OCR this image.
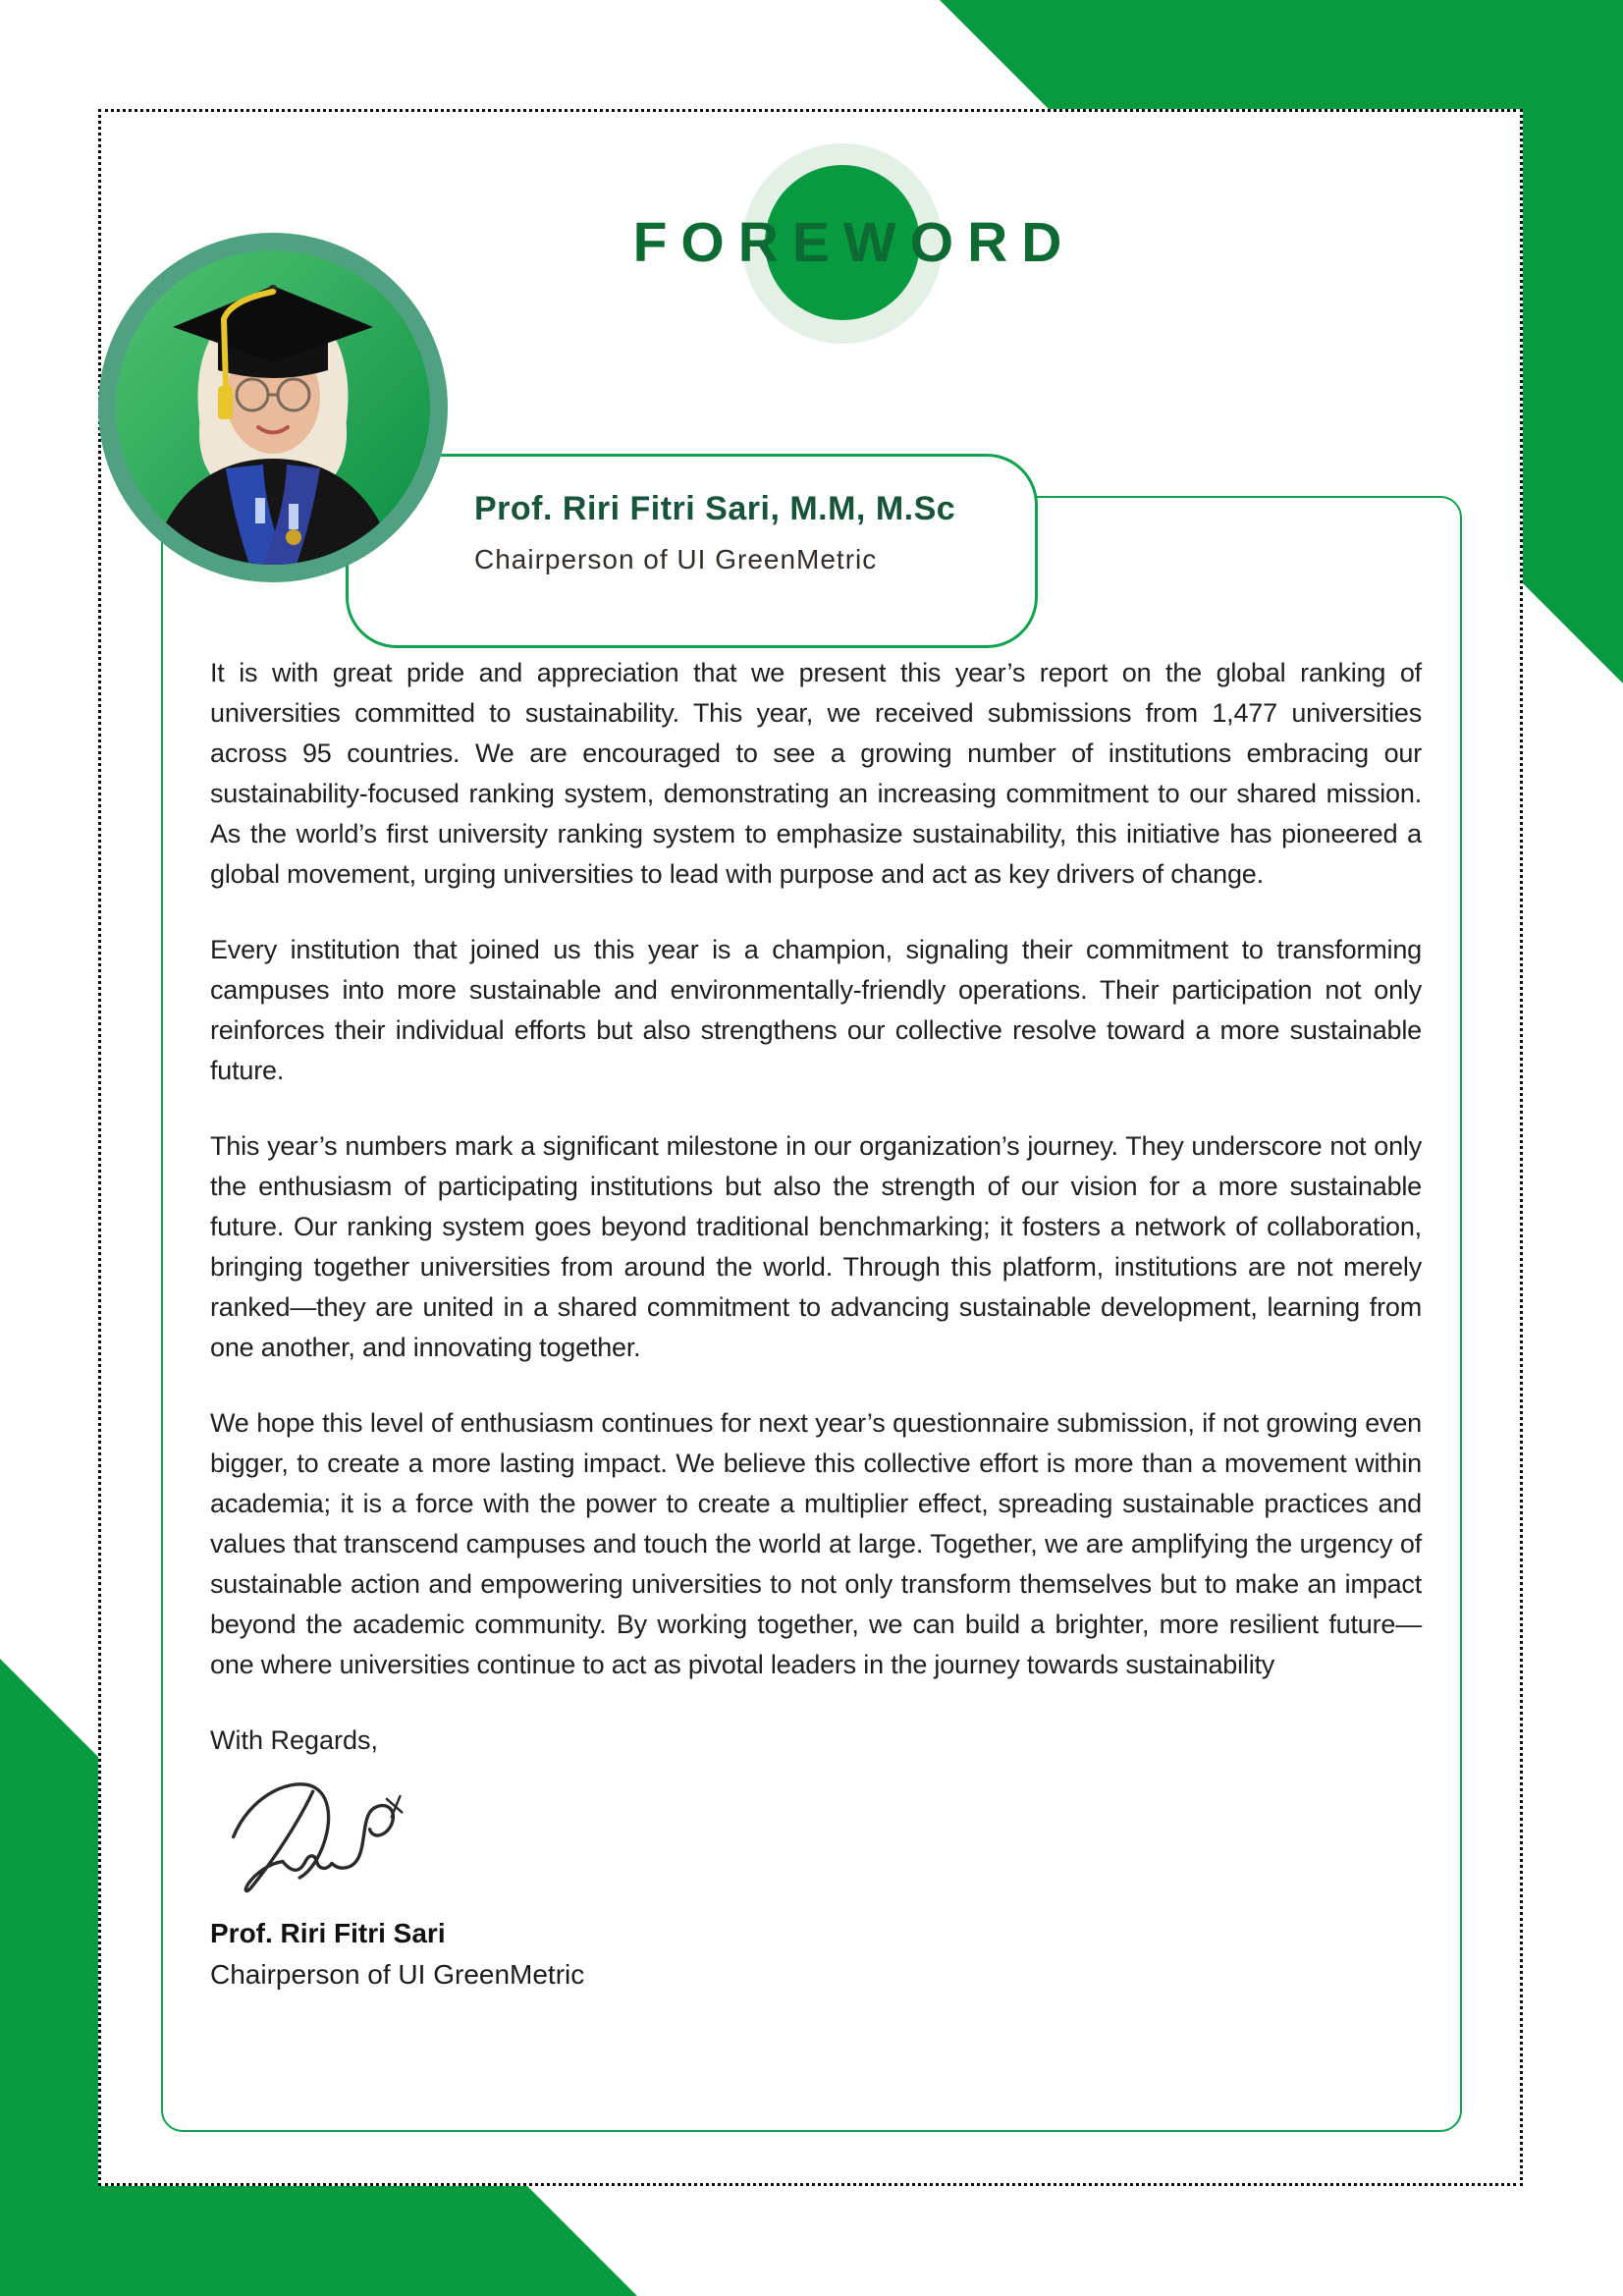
FOREWORD

It is with great pride and appreciation that we present this year’s report on the global ranking of universities committed to sustainability. This year, we received submissions from 1,477 universities across 95 countries. We are encouraged to see a growing number of institutions embracing our sustainability-focused ranking system, demonstrating an increasing commitment to our shared mission. As the world’s first university ranking system to emphasize sustainability, this initiative has pioneered a global movement, urging universities to lead with purpose and act as key drivers of change.

Every institution that joined us this year is a champion, signaling their commitment to transforming campuses into more sustainable and environmentally-friendly operations. Their participation not only reinforces their individual efforts but also strengthens our collective resolve toward a more sustainable future.

This year’s numbers mark a significant milestone in our organization’s journey. They underscore not only the enthusiasm of participating institutions but also the strength of our vision for a more sustainable future. Our ranking system goes beyond traditional benchmarking; it fosters a network of collaboration, bringing together universities from around the world. Through this platform, institutions are not merely ranked—they are united in a shared commitment to advancing sustainable development, learning from one another, and innovating together.

We hope this level of enthusiasm continues for next year’s questionnaire submission, if not growing even bigger, to create a more lasting impact. We believe this collective effort is more than a movement within academia; it is a force with the power to create a multiplier effect, spreading sustainable practices and values that transcend campuses and touch the world at large. Together, we are amplifying the urgency of sustainable action and empowering universities to not only transform themselves but to make an impact beyond the academic community. By working together, we can build a brighter, more resilient future—one where universities continue to act as pivotal leaders in the journey towards sustainability

With Regards,

Prof. Riri Fitri Sari

Chairperson of UI GreenMetric

Prof. Riri Fitri Sari, M.M, M.Sc
Chairperson of UI GreenMetric
